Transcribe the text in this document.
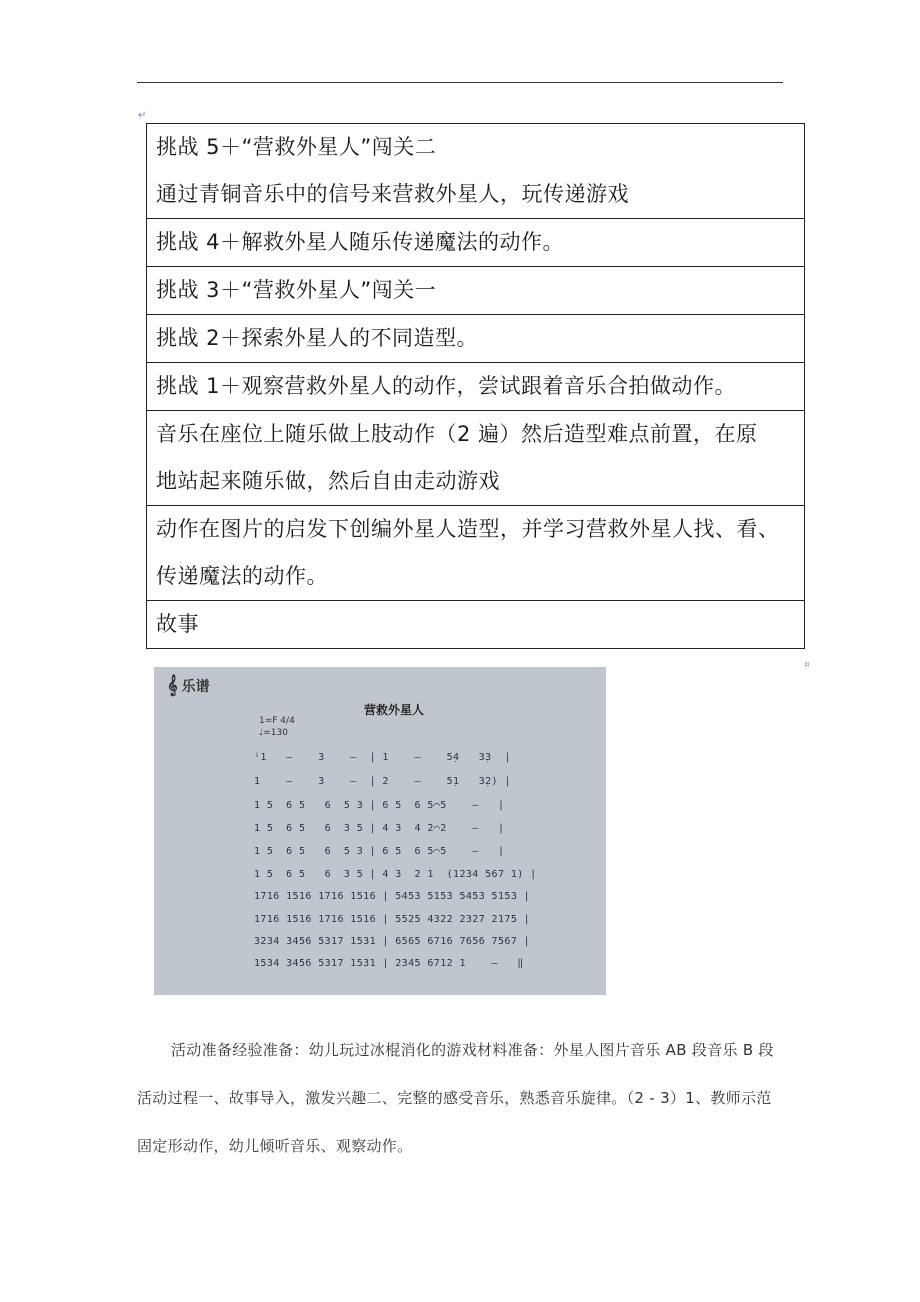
↵
挑战 5＋“营救外星人”闯关二
通过青铜音乐中的信号来营救外星人，玩传递游戏

挑战 4＋解救外星人随乐传递魔法的动作。
挑战 3＋“营救外星人”闯关一
挑战 2＋探索外星人的不同造型。
挑战 1＋观察营救外星人的动作，尝试跟着音乐合拍做动作。

音乐在座位上随乐做上肢动作（2 遍）然后造型难点前置，在原
地站起来随乐做，然后自由走动游戏

动作在图片的启发下创编外星人造型，并学习营救外星人找、看、
传递魔法的动作。

故事
¤
𝄞 乐谱
营救外星人
1=F 4/4
♩=130
ⁱ1   —    3    —  | 1    —    5̣4   3̣3  |
1    —    3    —  | 2    —    5̣1   3̣2) |
1 5  6 5   6  5 3 | 6 5  6 5⌒5    —   |
1 5  6 5   6  3 5 | 4 3  4 2⌒2    —   |
1 5  6 5   6  5 3 | 6 5  6 5⌒5    —   |
1 5  6 5   6  3 5 | 4 3  2 1  (1234 567 1) |
1716 1516 1716 1516 | 5453 5153 5453 5153 |
1716 1516 1716 1516 | 5525 4322 2327 2175 |
3234 3456 5317 1531 | 6565 6716 7656 7567 |
1534 3456 5317 1531 | 2345 6712 1    —   ‖
活动准备经验准备：幼儿玩过冰棍消化的游戏材料准备：外星人图片音乐 AB 段音乐 B 段活动过程一、故事导入，激发兴趣二、完整的感受音乐，熟悉音乐旋律。（2 - 3）1、教师示范固定形动作，幼儿倾听音乐、观察动作。
